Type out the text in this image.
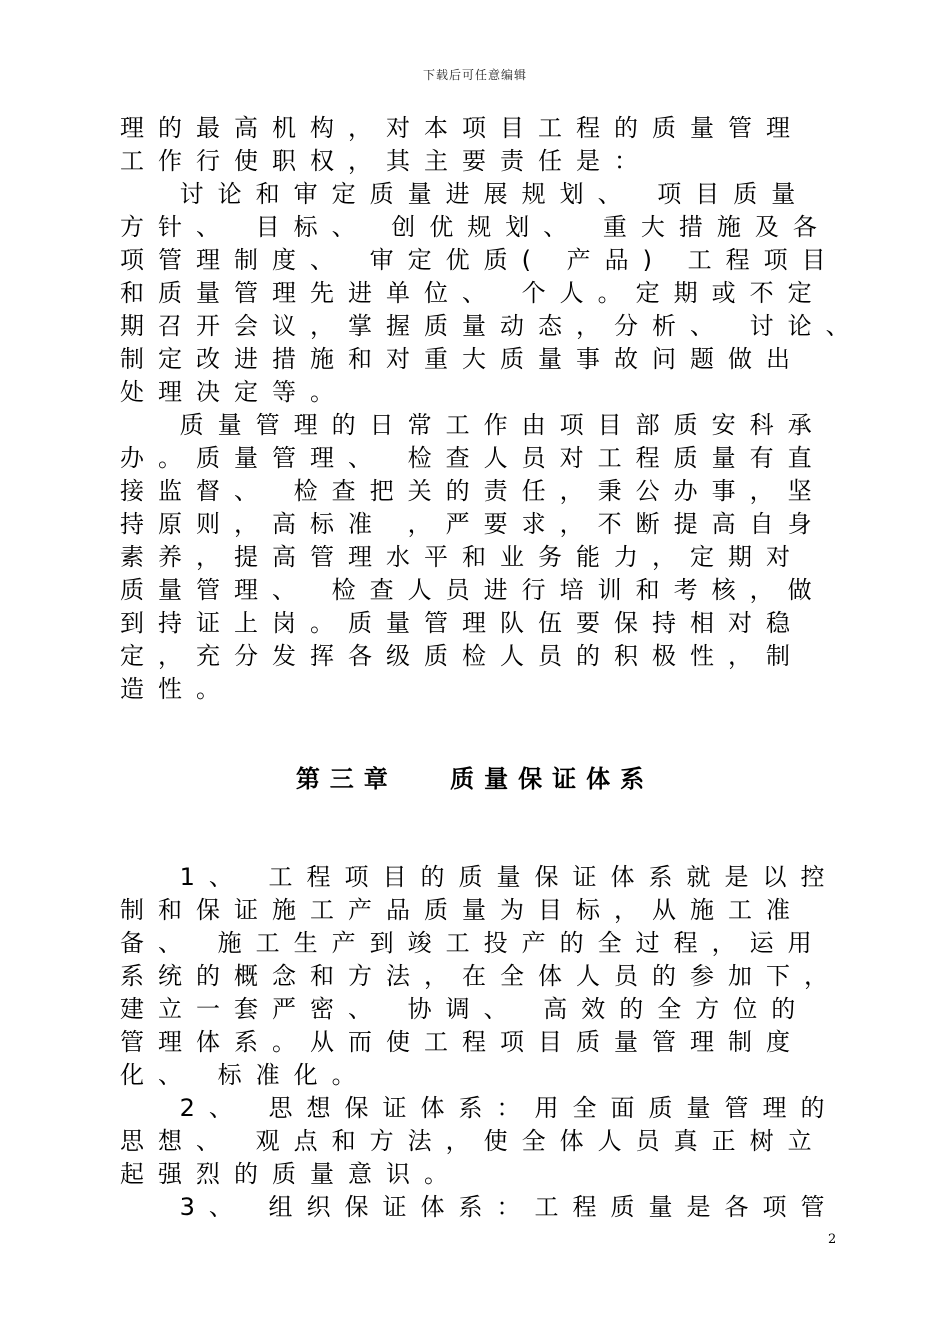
下载后可任意编辑
理的最高机构，对本项目工程的质量管理
工作行使职权，其主要责任是：
　 讨论和审定质量进展规划、 项目质量
方针、 目标、 创优规划、 重大措施及各
项管理制度、 审定优质( 产品) 工程项目
和质量管理先进单位、 个人。定期或不定
期召开会议，掌握质量动态，分析、 讨论、
制定改进措施和对重大质量事故问题做出
处理决定等。
　 质量管理的日常工作由项目部质安科承
办。质量管理、 检查人员对工程质量有直
接监督、 检查把关的责任，秉公办事，坚
持原则，高标准 ，严要求，不断提高自身
素养，提高管理水平和业务能力，定期对
质量管理、 检查人员进行培训和考核，做
到持证上岗。质量管理队伍要保持相对稳
定，充分发挥各级质检人员的积极性，制
造性。
第三章　 质量保证体系
　 1、 工程项目的质量保证体系就是以控
制和保证施工产品质量为目标，从施工准
备、 施工生产到竣工投产的全过程，运用
系统的概念和方法，在全体人员的参加下，
建立一套严密、 协调、 高效的全方位的
管理体系。从而使工程项目质量管理制度
化、 标准化。
　 2、 思想保证体系：用全面质量管理的
思想、 观点和方法，使全体人员真正树立
起强烈的质量意识。
　 3、 组织保证体系：工程质量是各项管
2
